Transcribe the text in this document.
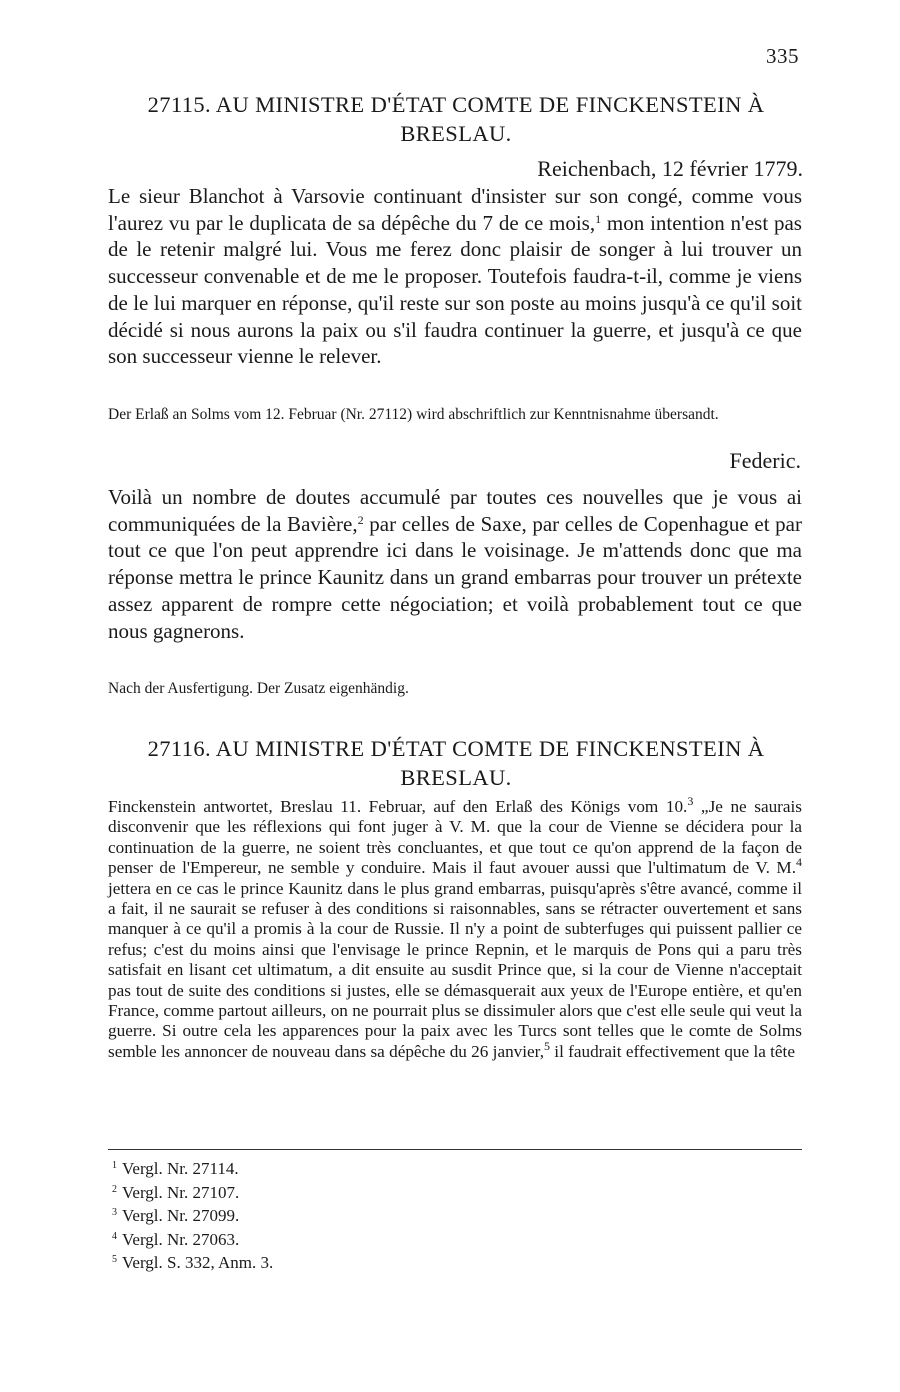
335
27115. AU MINISTRE D'ÉTAT COMTE DE FINCKENSTEIN À BRESLAU.
Reichenbach, 12 février 1779.

Le sieur Blanchot à Varsovie continuant d'insister sur son congé, comme vous l'aurez vu par le duplicata de sa dépêche du 7 de ce mois,$^1$ mon intention n'est pas de le retenir malgré lui. Vous me ferez donc plaisir de songer à lui trouver un successeur convenable et de me le proposer. Toutefois faudra-t-il, comme je viens de le lui marquer en réponse, qu'il reste sur son poste au moins jusqu'à ce qu'il soit décidé si nous aurons la paix ou s'il faudra continuer la guerre, et jusqu'à ce que son successeur vienne le relever.

Der Erlaß an Solms vom 12. Februar (Nr. 27112) wird abschriftlich zur Kenntnisnahme übersandt.

Federic.

Voilà un nombre de doutes accumulé par toutes ces nouvelles que je vous ai communiquées de la Bavière,$^2$ par celles de Saxe, par celles de Copenhague et par tout ce que l'on peut apprendre ici dans le voisinage. Je m'attends donc que ma réponse mettra le prince Kaunitz dans un grand embarras pour trouver un prétexte assez apparent de rompre cette négociation; et voilà probablement tout ce que nous gagnerons.

Nach der Ausfertigung. Der Zusatz eigenhändig.

27116. AU MINISTRE D'ÉTAT COMTE DE FINCKENSTEIN À BRESLAU.

Finckenstein antwortet, Breslau 11. Februar, auf den Erlaß des Königs vom 10.$^3$ „Je ne saurais disconvenir que les réflexions qui font juger à V. M. que la cour de Vienne se décidera pour la continuation de la guerre, ne soient très concluantes, et que tout ce qu'on apprend de la façon de penser de l'Empereur, ne semble y conduire. Mais il faut avouer aussi que l'ultimatum de V. M.$^4$ jettera en ce cas le prince Kaunitz dans le plus grand embarras, puisqu'après s'être avancé, comme il a fait, il ne saurait se refuser à des conditions si raisonnables, sans se rétracter ouvertement et sans manquer à ce qu'il a promis à la cour de Russie. Il n'y a point de subterfuges qui puissent pallier ce refus; c'est du moins ainsi que l'envisage le prince Repnin, et le marquis de Pons qui a paru très satisfait en lisant cet ultimatum, a dit ensuite au susdit Prince que, si la cour de Vienne n'acceptait pas tout de suite des conditions si justes, elle se démasquerait aux yeux de l'Europe entière, et qu'en France, comme partout ailleurs, on ne pourrait plus se dissimuler alors que c'est elle seule qui veut la guerre. Si outre cela les apparences pour la paix avec les Turcs sont telles que le comte de Solms semble les annoncer de nouveau dans sa dépêche du 26 janvier,$^5$ il faudrait effectivement que la tête

$^1$ Vergl. Nr. 27114.
$^2$ Vergl. Nr. 27107.
$^3$ Vergl. Nr. 27099.
$^4$ Vergl. Nr. 27063.
$^5$ Vergl. S. 332, Anm. 3.
